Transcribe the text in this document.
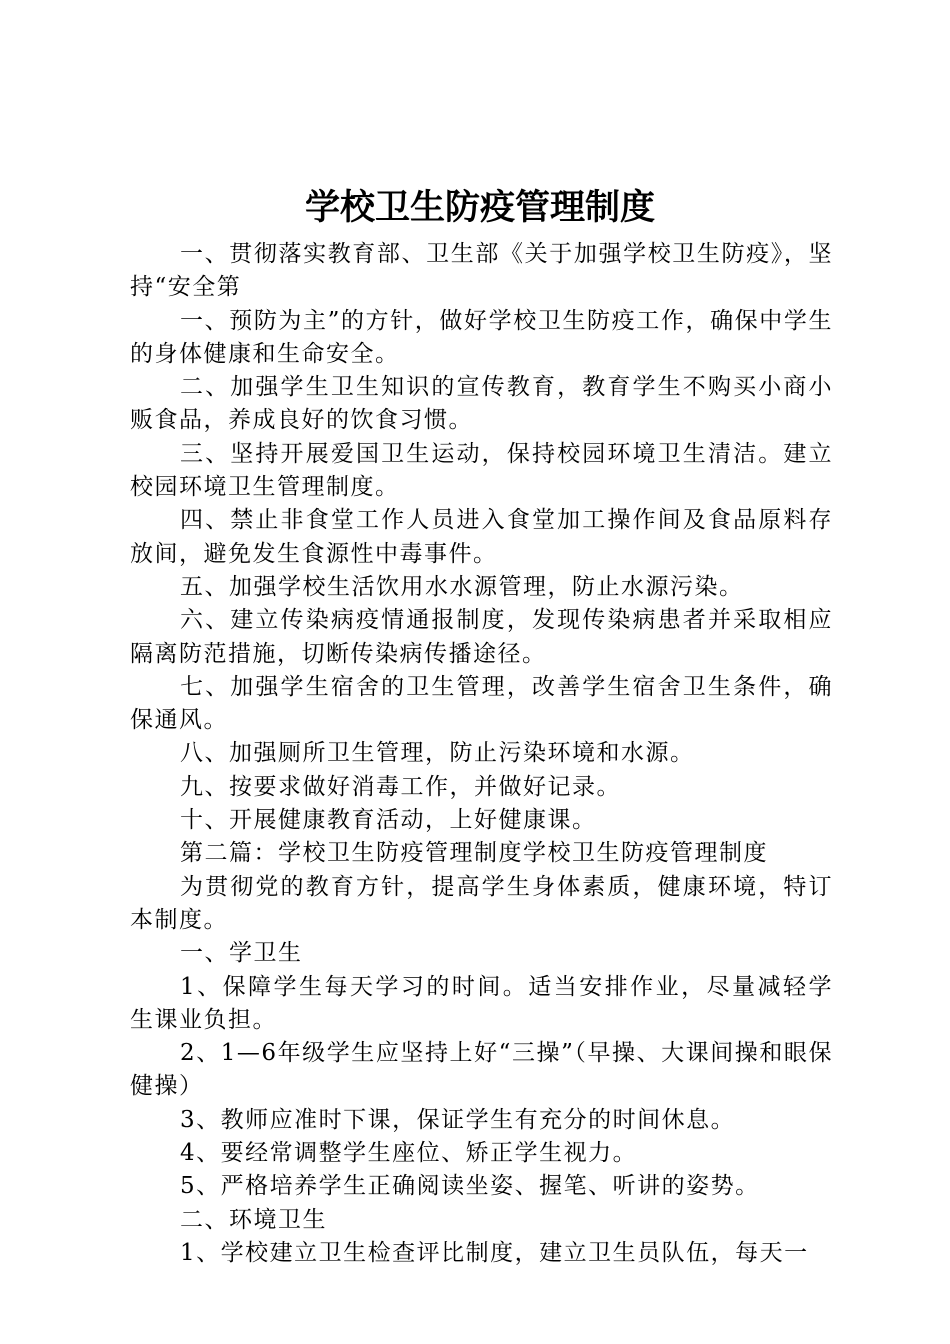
学校卫生防疫管理制度

一、贯彻落实教育部、卫生部《关于加强学校卫生防疫》，坚持“安全第

一、预防为主”的方针，做好学校卫生防疫工作，确保中学生的身体健康和生命安全。

二、加强学生卫生知识的宣传教育，教育学生不购买小商小贩食品，养成良好的饮食习惯。

三、坚持开展爱国卫生运动，保持校园环境卫生清洁。建立校园环境卫生管理制度。

四、禁止非食堂工作人员进入食堂加工操作间及食品原料存放间，避免发生食源性中毒事件。

五、加强学校生活饮用水水源管理，防止水源污染。

六、建立传染病疫情通报制度，发现传染病患者并采取相应隔离防范措施，切断传染病传播途径。

七、加强学生宿舍的卫生管理，改善学生宿舍卫生条件，确保通风。

八、加强厕所卫生管理，防止污染环境和水源。

九、按要求做好消毒工作，并做好记录。

十、开展健康教育活动，上好健康课。

第二篇：学校卫生防疫管理制度学校卫生防疫管理制度

为贯彻党的教育方针，提高学生身体素质，健康环境，特订本制度。

一、学卫生

1、保障学生每天学习的时间。适当安排作业，尽量减轻学生课业负担。

2、1—6年级学生应坚持上好“三操”（早操、大课间操和眼保健操）

3、教师应准时下课，保证学生有充分的时间休息。

4、要经常调整学生座位、矫正学生视力。

5、严格培养学生正确阅读坐姿、握笔、听讲的姿势。

二、环境卫生

1、学校建立卫生检查评比制度，建立卫生员队伍，每天一
